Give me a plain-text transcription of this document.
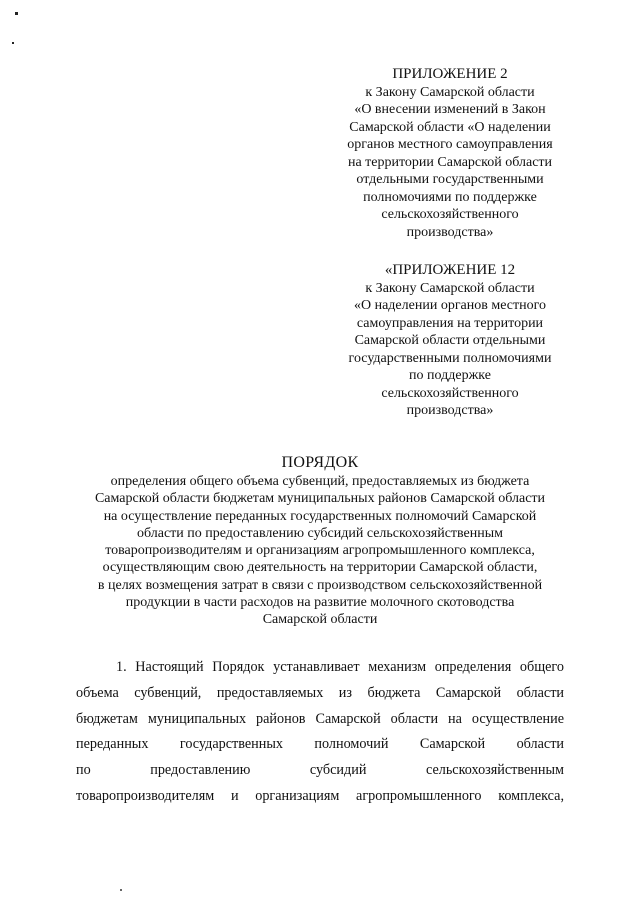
ПРИЛОЖЕНИЕ 2
к Закону Самарской области
«О внесении изменений в Закон
Самарской области «О наделении
органов местного самоуправления
на территории Самарской области
отдельными государственными
полномочиями по поддержке
сельскохозяйственного
производства»
«ПРИЛОЖЕНИЕ 12
к Закону Самарской области
«О наделении органов местного
самоуправления на территории
Самарской области отдельными
государственными полномочиями
по поддержке
сельскохозяйственного
производства»
ПОРЯДОК
определения общего объема субвенций, предоставляемых из бюджета
Самарской области бюджетам муниципальных районов Самарской области
на осуществление переданных государственных полномочий Самарской
области по предоставлению субсидий сельскохозяйственным
товаропроизводителям и организациям агропромышленного комплекса,
осуществляющим свою деятельность на территории Самарской области,
в целях возмещения затрат в связи с производством сельскохозяйственной
продукции в части расходов на развитие молочного скотоводства
Самарской области
1. Настоящий Порядок устанавливает механизм определения общего
объема субвенций, предоставляемых из бюджета Самарской области
бюджетам муниципальных районов Самарской области на осуществление
переданных государственных полномочий Самарской области
по предоставлению субсидий сельскохозяйственным
товаропроизводителям и организациям агропромышленного комплекса,
